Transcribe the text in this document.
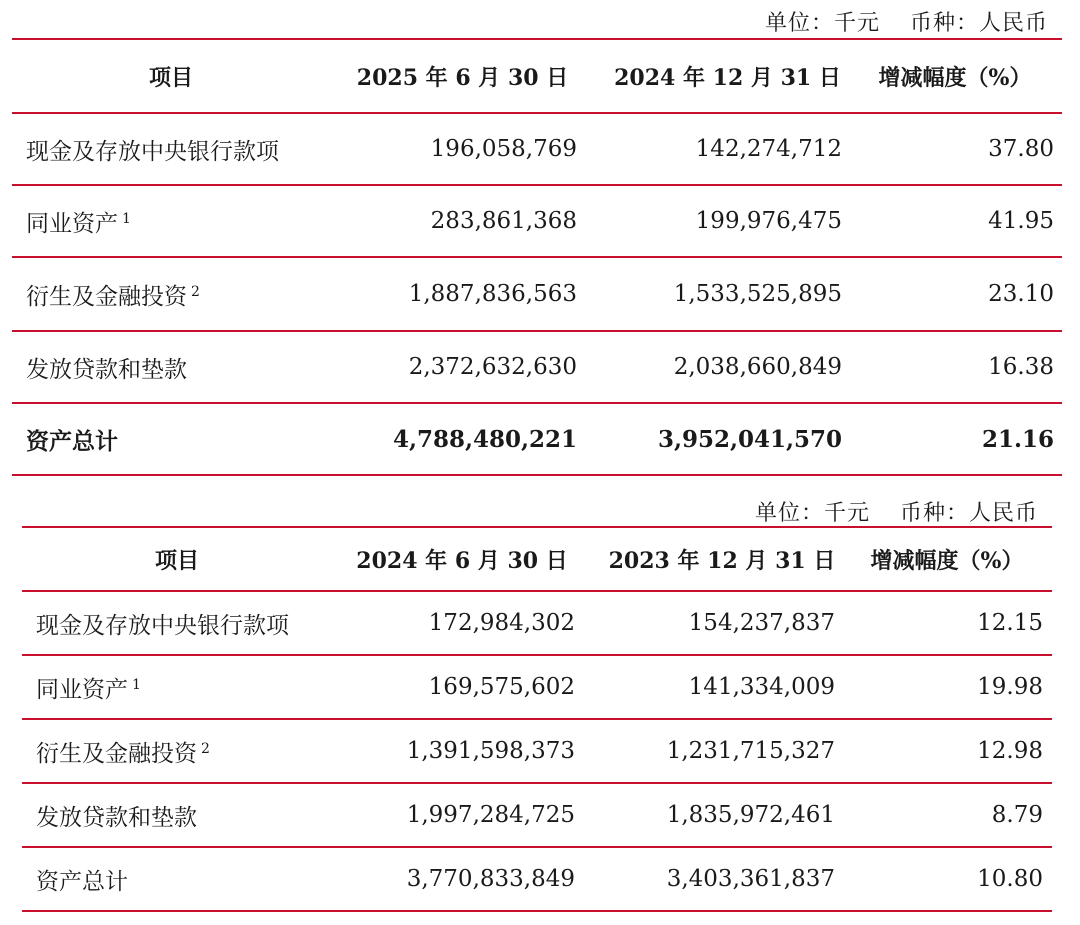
单位：千元 币种：人民币
项目	2025 年 6 月 30 日	2024 年 12 月 31 日	增减幅度（%）
现金及存放中央银行款项	196,058,769	142,274,712	37.80
同业资产 $^1$	283,861,368	199,976,475	41.95
衍生及金融投资 $^2$	1,887,836,563	1,533,525,895	23.10
发放贷款和垫款	2,372,632,630	2,038,660,849	16.38
资产总计	4,788,480,221	3,952,041,570	21.16
单位：千元 币种：人民币
项目	2024 年 6 月 30 日	2023 年 12 月 31 日	增减幅度（%）
现金及存放中央银行款项	172,984,302	154,237,837	12.15
同业资产 $^1$	169,575,602	141,334,009	19.98
衍生及金融投资 $^2$	1,391,598,373	1,231,715,327	12.98
发放贷款和垫款	1,997,284,725	1,835,972,461	8.79
资产总计	3,770,833,849	3,403,361,837	10.80
